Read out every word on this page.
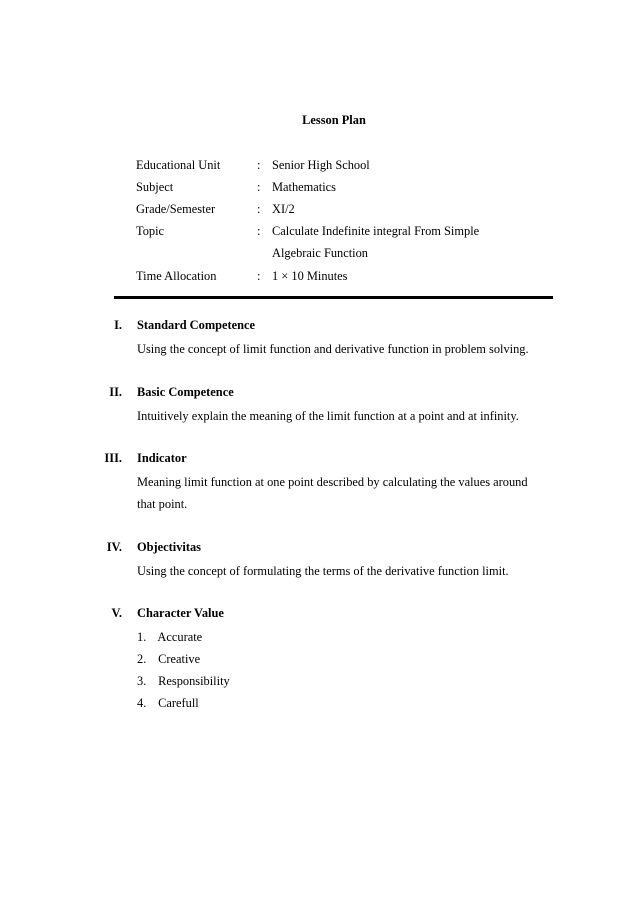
Lesson Plan
Educational Unit	: Senior High School
Subject	: Mathematics
Grade/Semester	: XI/2
Topic	: Calculate Indefinite integral From Simple Algebraic Function
Time Allocation	: 1 × 10 Minutes
I. Standard Competence
Using the concept of limit function and derivative function in problem solving.
II. Basic Competence
Intuitively explain the meaning of the limit function at a point and at infinity.
III. Indicator
Meaning limit function at one point described by calculating the values around that point.
IV. Objectivitas
Using the concept of formulating the terms of the derivative function limit.
V. Character Value
1. Accurate
2. Creative
3. Responsibility
4. Carefull
